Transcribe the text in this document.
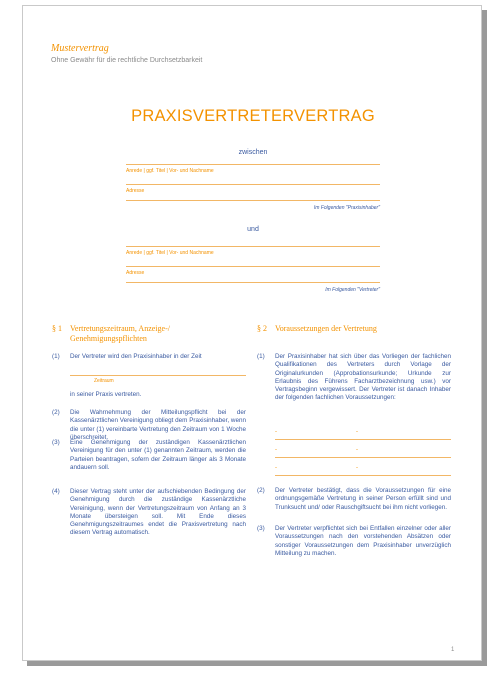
Mustervertrag
Ohne Gewähr für die rechtliche Durchsetzbarkeit
PRAXISVERTRETERVERTRAG
zwischen
Anrede | ggf. Titel | Vor- und Nachname
Adresse
Im Folgenden "Praxisinhaber"
und
Anrede | ggf. Titel | Vor- und Nachname
Adresse
Im Folgenden "Vertreter"
§ 1 Vertretungszeitraum, Anzeige-/ Genehmigungspflichten
(1) Der Vertreter wird den Praxisinhaber in der Zeit
Zeitraum
in seiner Praxis vertreten.
(2) Die Wahrnehmung der Mitteilungspflicht bei der Kassenärztlichen Vereinigung obliegt dem Praxisinhaber, wenn die unter (1) vereinbarte Vertretung den Zeitraum von 1 Woche überschreitet.
(3) Eine Genehmigung der zuständigen Kassenärztlichen Vereinigung für den unter (1) genannten Zeitraum, werden die Parteien beantragen, sofern der Zeitraum länger als 3 Monate andauern soll.
(4) Dieser Vertrag steht unter der aufschiebenden Bedingung der Genehmigung durch die zuständige Kassenärztliche Vereinigung, wenn der Vertretungszeitraum von Anfang an 3 Monate übersteigen soll. Mit Ende dieses Genehmigungszeitraumes endet die Praxisvertretung nach diesem Vertrag automatisch.
§ 2 Voraussetzungen der Vertretung
(1) Der Praxisinhaber hat sich über das Vorliegen der fachlichen Qualifikationen des Vertreters durch Vorlage der Originalurkunden (Approbationsurkunde; Urkunde zur Erlaubnis des Führens Facharztbezeichnung usw.) vor Vertragsbeginn vergewissert. Der Vertreter ist danach Inhaber der folgenden fachlichen Voraussetzungen:
-	-
-	-
-	-
(2) Der Vertreter bestätigt, dass die Voraussetzungen für eine ordnungsgemäße Vertretung in seiner Person erfüllt sind und Trunksucht und/ oder Rauschgiftsucht bei ihm nicht vorliegen.
(3) Der Vertreter verpflichtet sich bei Entfallen einzelner oder aller Voraussetzungen nach den vorstehenden Absätzen oder sonstiger Voraussetzungen dem Praxisinhaber unverzüglich Mitteilung zu machen.
1
